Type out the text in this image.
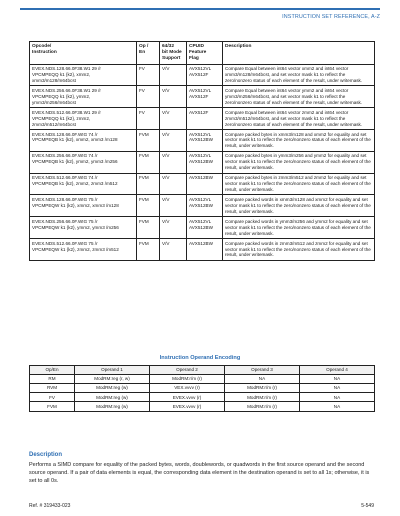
INSTRUCTION SET REFERENCE, A-Z
Opcode/
Instruction	Op /
En	64/32
bit Mode
Support	CPUID
Feature
Flag	Description
EVEX.NDS.128.66.0F38.W1 29 /r
VPCMPEQQ k1 {k2}, xmm2,
xmm3/m128/m64bcst	FV	V/V	AVX512VL
AVX512F	Compare Equal between int64 vector xmm2 and int64 vector xmm3/m128/m64bcst, and set vector mask k1 to reflect the zero/nonzero status of each element of the result, under writemask.
EVEX.NDS.256.66.0F38.W1 29 /r
VPCMPEQQ k1 {k2}, ymm2,
ymm3/m256/m64bcst	FV	V/V	AVX512VL
AVX512F	Compare Equal between int64 vector ymm2 and int64 vector ymm3/m256/m64bcst, and set vector mask k1 to reflect the zero/nonzero status of each element of the result, under writemask.
EVEX.NDS.512.66.0F38.W1 29 /r
VPCMPEQQ k1 {k2}, zmm2,
zmm3/m512/m64bcst	FV	V/V	AVX512F	Compare Equal between int64 vector zmm2 and int64 vector zmm3/m512/m64bcst, and set vector mask k1 to reflect the zero/nonzero status of each element of the result, under writemask.
EVEX.NDS.128.66.0F.WIG 74 /r
VPCMPEQB k1 {k2}, xmm2, xmm3 /m128	FVM	V/V	AVX512VL
AVX512BW	Compare packed bytes in xmm3/m128 and xmm2 for equality and set vector mask k1 to reflect the zero/nonzero status of each element of the result, under writemask.
EVEX.NDS.256.66.0F.WIG 74 /r
VPCMPEQB k1 {k2}, ymm2, ymm3 /m256	FVM	V/V	AVX512VL
AVX512BW	Compare packed bytes in ymm3/m256 and ymm2 for equality and set vector mask k1 to reflect the zero/nonzero status of each element of the result, under writemask.
EVEX.NDS.512.66.0F.WIG 74 /r
VPCMPEQB k1 {k2}, zmm2, zmm3 /m512	FVM	V/V	AVX512BW	Compare packed bytes in zmm3/m512 and zmm2 for equality and set vector mask k1 to reflect the zero/nonzero status of each element of the result, under writemask.
EVEX.NDS.128.66.0F.WIG 75 /r
VPCMPEQW k1 {k2}, xmm2, xmm3 /m128	FVM	V/V	AVX512VL
AVX512BW	Compare packed words in xmm3/m128 and xmm2 for equality and set vector mask k1 to reflect the zero/nonzero status of each element of the result, under writemask.
EVEX.NDS.256.66.0F.WIG 75 /r
VPCMPEQW k1 {k2}, ymm2, ymm3 /m256	FVM	V/V	AVX512VL
AVX512BW	Compare packed words in ymm3/m256 and ymm2 for equality and set vector mask k1 to reflect the zero/nonzero status of each element of the result, under writemask.
EVEX.NDS.512.66.0F.WIG 75 /r
VPCMPEQW k1 {k2}, zmm2, zmm3 /m512	FVM	V/V	AVX512BW	Compare packed words in zmm3/m512 and zmm2 for equality and set vector mask k1 to reflect the zero/nonzero status of each element of the result, under writemask.
Instruction Operand Encoding
Op/En	Operand 1	Operand 2	Operand 3	Operand 4
RM	ModRM:reg (r, w)	ModRM:r/m (r)	NA	NA
RVM	ModRM:reg (w)	VEX.vvvv (r)	ModRM:r/m (r)	NA
FV	ModRM:reg (w)	EVEX.vvvv (r)	ModRM:r/m (r)	NA
FVM	ModRM:reg (w)	EVEX.vvvv (r)	ModRM:r/m (r)	NA
Description
Performs a SIMD compare for equality of the packed bytes, words, doublewords, or quadwords in the first source operand and the second source operand. If a pair of data elements is equal, the corresponding data element in the destination operand is set to all 1s; otherwise, it is set to all 0s.
Ref. # 319433-023	5-549
